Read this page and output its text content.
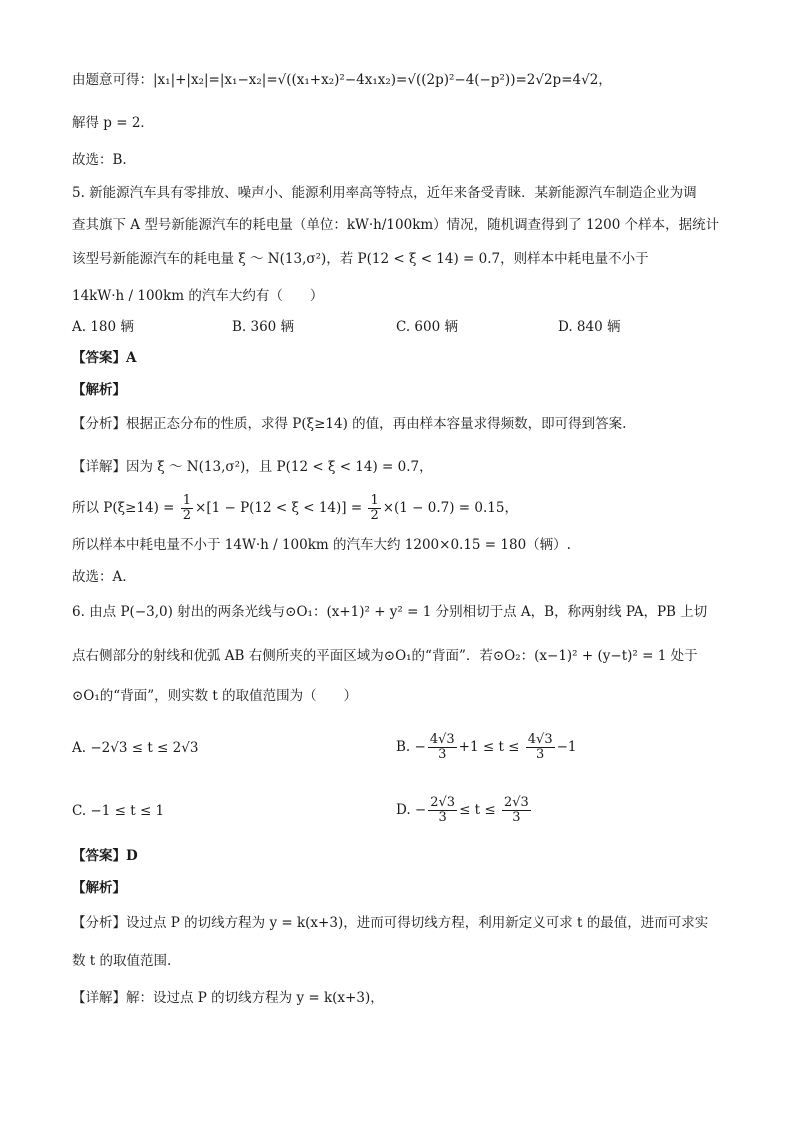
由题意可得：|x₁|+|x₂|=|x₁−x₂|=√((x₁+x₂)²−4x₁x₂)=√((2p)²−4(−p²))=2√2p=4√2，
解得 p = 2．
故选：B.
5. 新能源汽车具有零排放、噪声小、能源利用率高等特点，近年来备受青睐．某新能源汽车制造企业为调
查其旗下 A 型号新能源汽车的耗电量（单位：kW·h/100km）情况，随机调查得到了 1200 个样本，据统计
该型号新能源汽车的耗电量 ξ ～ N(13,σ²)，若 P(12 < ξ < 14) = 0.7，则样本中耗电量不小于
14kW·h / 100km 的汽车大约有（　　）
A. 180 辆	B. 360 辆	C. 600 辆	D. 840 辆
【答案】A
【解析】
【分析】根据正态分布的性质，求得 P(ξ≥14) 的值，再由样本容量求得频数，即可得到答案.
【详解】因为 ξ ～ N(13,σ²)，且 P(12 < ξ < 14) = 0.7，
所以 $P(\xi\ge 14) = \frac{1}{2} \times[1 - P(12 < \xi < 14)] = \frac{1}{2} \times(1 - 0.7) = 0.15$，
所以样本中耗电量不小于 14W·h / 100km 的汽车大约 1200×0.15 = 180（辆）.
故选：A.
6. 由点 P(−3,0) 射出的两条光线与⊙O₁：(x+1)² + y² = 1 分别相切于点 A，B，称两射线 PA，PB 上切
点右侧部分的射线和优弧 AB 右侧所夹的平面区域为⊙O₁的“背面”．若⊙O₂：(x−1)² + (y−t)² = 1 处于
⊙O₁的“背面”，则实数 t 的取值范围为（　　）
A. −2√3 ≤ t ≤ 2√3	B. − $\frac{4√3}{3} +1 \le t \le \frac{4√3}{3} -1$
C. −1 ≤ t ≤ 1	D. − $\frac{2√3}{3} \le t \le \frac{2√3}{3}$
【答案】D
【解析】
【分析】设过点 P 的切线方程为 y = k(x+3)，进而可得切线方程，利用新定义可求 t 的最值，进而可求实
数 t 的取值范围.
【详解】解：设过点 P 的切线方程为 y = k(x+3)，
